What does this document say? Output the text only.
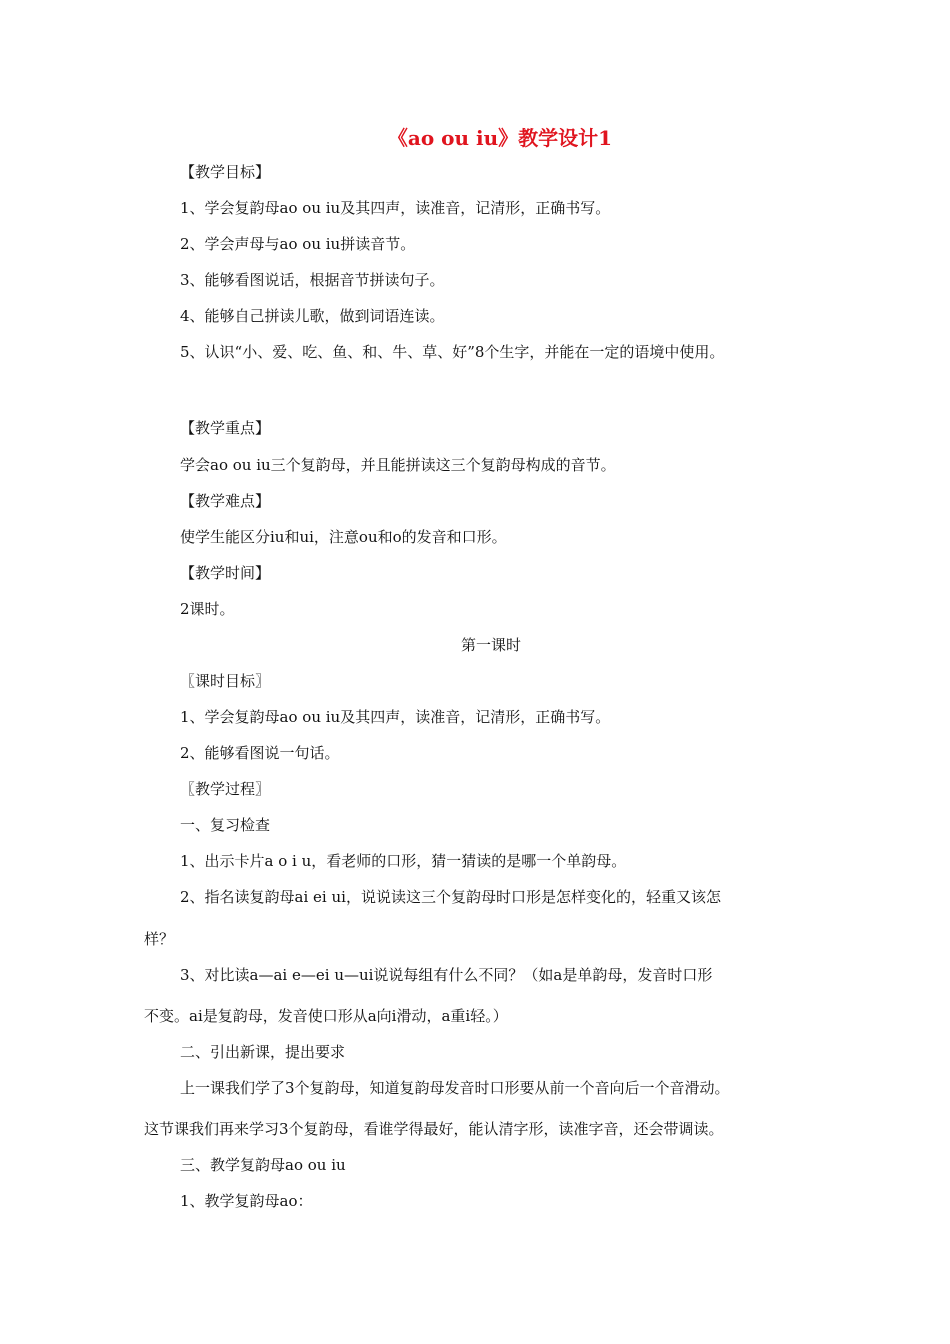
《ao ou iu》教学设计1
【教学目标】
1、学会复韵母ao ou iu及其四声，读准音，记清形，正确书写。
2、学会声母与ao ou iu拼读音节。
3、能够看图说话，根据音节拼读句子。
4、能够自己拼读儿歌，做到词语连读。
5、认识“小、爱、吃、鱼、和、牛、草、好”8个生字，并能在一定的语境中使用。
【教学重点】
学会ao ou iu三个复韵母，并且能拼读这三个复韵母构成的音节。
【教学难点】
使学生能区分iu和ui，注意ou和o的发音和口形。
【教学时间】
2课时。
第一课时
〖课时目标〗
1、学会复韵母ao ou iu及其四声，读准音，记清形，正确书写。
2、能够看图说一句话。
〖教学过程〗
一、复习检查
1、出示卡片a o i u，看老师的口形，猜一猜读的是哪一个单韵母。
2、指名读复韵母ai ei ui，说说读这三个复韵母时口形是怎样变化的，轻重又该怎
样？
3、对比读a—ai e—ei u—ui说说每组有什么不同？（如a是单韵母，发音时口形
不变。ai是复韵母，发音使口形从a向i滑动，a重i轻。）
二、引出新课，提出要求
上一课我们学了3个复韵母，知道复韵母发音时口形要从前一个音向后一个音滑动。
这节课我们再来学习3个复韵母，看谁学得最好，能认清字形，读准字音，还会带调读。
三、教学复韵母ao ou iu
1、教学复韵母ao：
